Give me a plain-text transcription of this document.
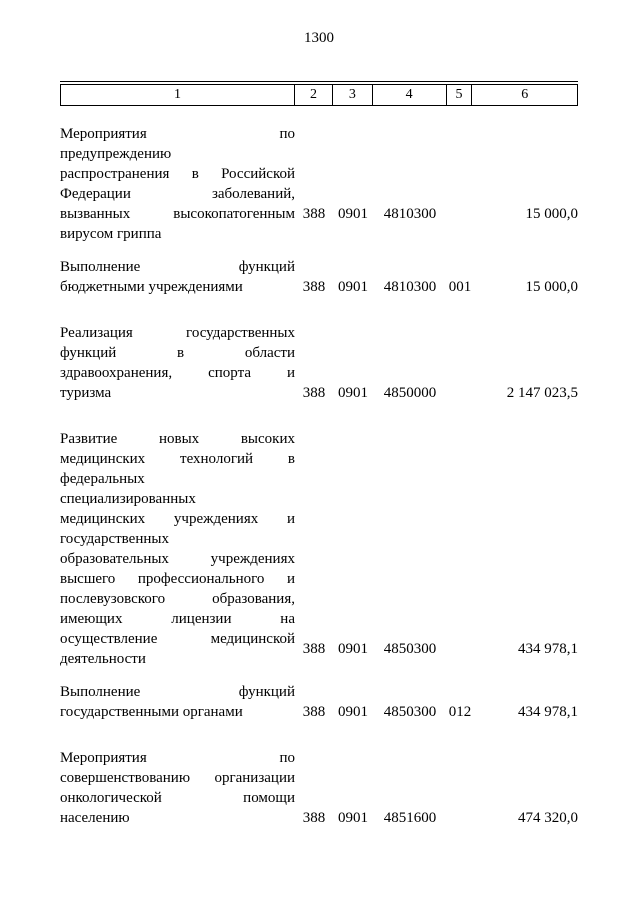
1300
1	2	3	4	5	6
Мероприятия по
предупреждению
распространения в Российской
Федерации заболеваний,
вызванных высокопатогенным
вирусом гриппа
388 0901	4810300	15 000,0
Выполнение функций
бюджетными учреждениями	388 0901	4810300 001	15 000,0
Реализация государственных
функций в области
здравоохранения, спорта и
туризма	388 0901	4850000	2 147 023,5
Развитие новых высоких
медицинских технологий в
федеральных
специализированных
медицинских учреждениях и
государственных
образовательных учреждениях
высшего профессионального и
послевузовского образования,
имеющих лицензии на
осуществление медицинской
деятельности
388 0901	4850300	434 978,1
Выполнение функций
государственными органами	388 0901	4850300 012	434 978,1
Мероприятия по
совершенствованию организации
онкологической помощи
населению	388 0901	4851600	474 320,0
